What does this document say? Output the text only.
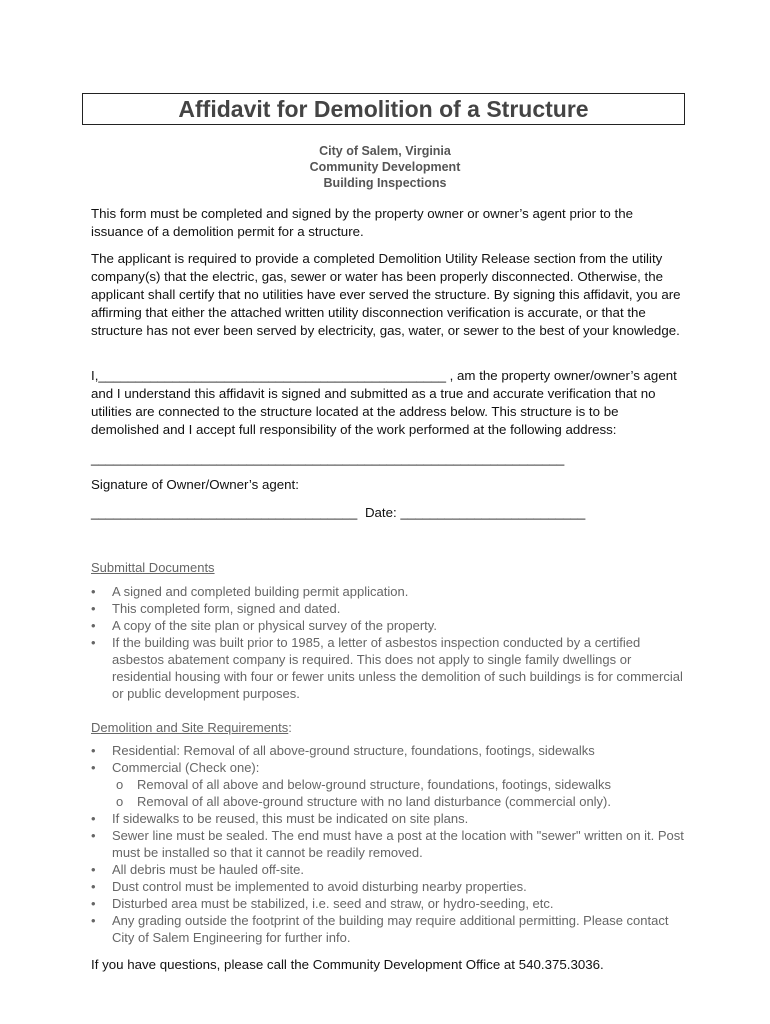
Affidavit for Demolition of a Structure
City of Salem, Virginia
Community Development
Building Inspections
This form must be completed and signed by the property owner or owner’s agent prior to the issuance of a demolition permit for a structure.
The applicant is required to provide a completed Demolition Utility Release section from the utility company(s) that the electric, gas, sewer or water has been properly disconnected. Otherwise, the applicant shall certify that no utilities have ever served the structure. By signing this affidavit, you are affirming that either the attached written utility disconnection verification is accurate, or that the structure has not ever been served by electricity, gas, water, or sewer to the best of your knowledge.
I,_______________________________________________ , am the property owner/owner’s agent and I understand this affidavit is signed and submitted as a true and accurate verification that no utilities are connected to the structure located at the address below. This structure is to be demolished and I accept full responsibility of the work performed at the following address:
________________________________________________________________
Signature of Owner/Owner’s agent:
____________________________________ Date: _________________________
Submittal Documents
• A signed and completed building permit application.
• This completed form, signed and dated.
• A copy of the site plan or physical survey of the property.
• If the building was built prior to 1985, a letter of asbestos inspection conducted by a certified asbestos abatement company is required. This does not apply to single family dwellings or residential housing with four or fewer units unless the demolition of such buildings is for commercial or public development purposes.
Demolition and Site Requirements:
• Residential: Removal of all above-ground structure, foundations, footings, sidewalks
• Commercial (Check one):
o Removal of all above and below-ground structure, foundations, footings, sidewalks
o Removal of all above-ground structure with no land disturbance (commercial only).
• If sidewalks to be reused, this must be indicated on site plans.
• Sewer line must be sealed. The end must have a post at the location with "sewer" written on it. Post must be installed so that it cannot be readily removed.
• All debris must be hauled off-site.
• Dust control must be implemented to avoid disturbing nearby properties.
• Disturbed area must be stabilized, i.e. seed and straw, or hydro-seeding, etc.
• Any grading outside the footprint of the building may require additional permitting. Please contact City of Salem Engineering for further info.
If you have questions, please call the Community Development Office at 540.375.3036.
